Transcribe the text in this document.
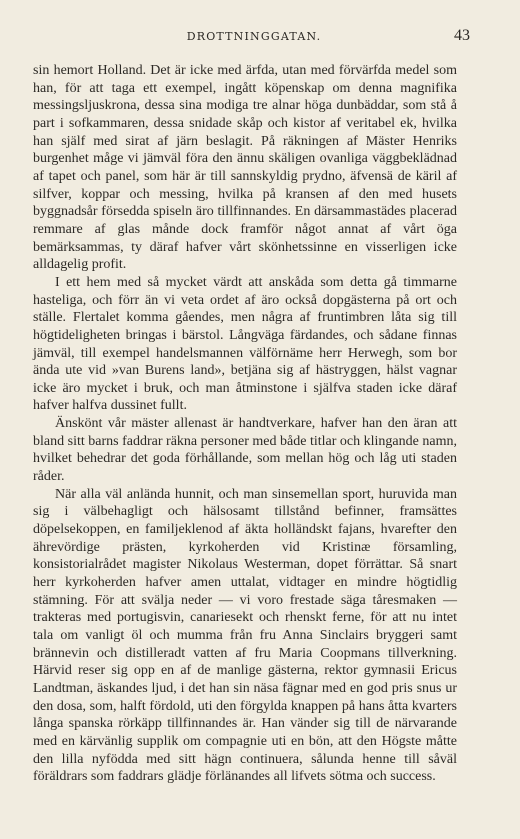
DROTTNINGGATAN.	43

sin hemort Holland. Det är icke med ärfda, utan med förvärfda medel som han, för att taga ett exempel, ingått köpenskap om denna magnifika messingsljuskrona, dessa sina modiga tre alnar höga dunbäddar, som stå å part i sofkammaren, dessa snidade skåp och kistor af veritabel ek, hvilka han själf med sirat af järn beslagit. På räkningen af Mäster Henriks burgenhet måge vi jämväl föra den ännu skäligen ovanliga väggbeklädnad af tapet och panel, som här är till sannskyldig prydno, äfvensä de käril af silfver, koppar och messing, hvilka på kransen af den med husets byggnadsår försedda spiseln äro tillfinnandes. En därsammastädes placerad remmare af glas månde dock framför något annat af vårt öga bemärksammas, ty däraf hafver vårt skönhetssinne en visserligen icke alldagelig profit.

I ett hem med så mycket värdt att anskåda som detta gå timmarne hasteliga, och förr än vi veta ordet af äro också dopgästerna på ort och ställe. Flertalet komma gåendes, men några af fruntimbren låta sig till högtideligheten bringas i bärstol. Långväga färdandes, och sådane finnas jämväl, till exempel handelsmannen välförnäme herr Herwegh, som bor ända ute vid »van Burens land», betjäna sig af hästryggen, hälst vagnar icke äro mycket i bruk, och man åtminstone i själfva staden icke däraf hafver halfva dussinet fullt.

Änskönt vår mäster allenast är handtverkare, hafver han den äran att bland sitt barns faddrar räkna personer med både titlar och klingande namn, hvilket behedrar det goda förhållande, som mellan hög och låg uti staden råder.

När alla väl anlända hunnit, och man sinsemellan sport, huruvida man sig i välbehagligt och hälsosamt tillstånd befinner, framsättes döpelsekoppen, en familjeklenod af äkta holländskt fajans, hvarefter den ährevördige prästen, kyrkoherden vid Kristinæ församling, konsistorialrådet magister Nikolaus Westerman, dopet förrättar. Så snart herr kyrkoherden hafver amen uttalat, vidtager en mindre högtidlig stämning. För att svälja neder — vi voro frestade säga tåresmaken — trakteras med portugisvin, canariesekt och rhenskt ferne, för att nu intet tala om vanligt öl och mumma från fru Anna Sinclairs bryggeri samt brännevin och distilleradt vatten af fru Maria Coopmans tillverkning. Härvid reser sig opp en af de manlige gästerna, rektor gymnasii Ericus Landtman, äskandes ljud, i det han sin näsa fägnar med en god pris snus ur den dosa, som, halft fördold, uti den förgylda knappen på hans åtta kvarters långa spanska rörkäpp tillfinnandes är. Han vänder sig till de närvarande med en kärvänlig supplik om compagnie uti en bön, att den Högste måtte den lilla nyfödda med sitt hägn continuera, sålunda henne till såväl föräldrars som faddrars glädje förlänandes all lifvets sötma och success.
